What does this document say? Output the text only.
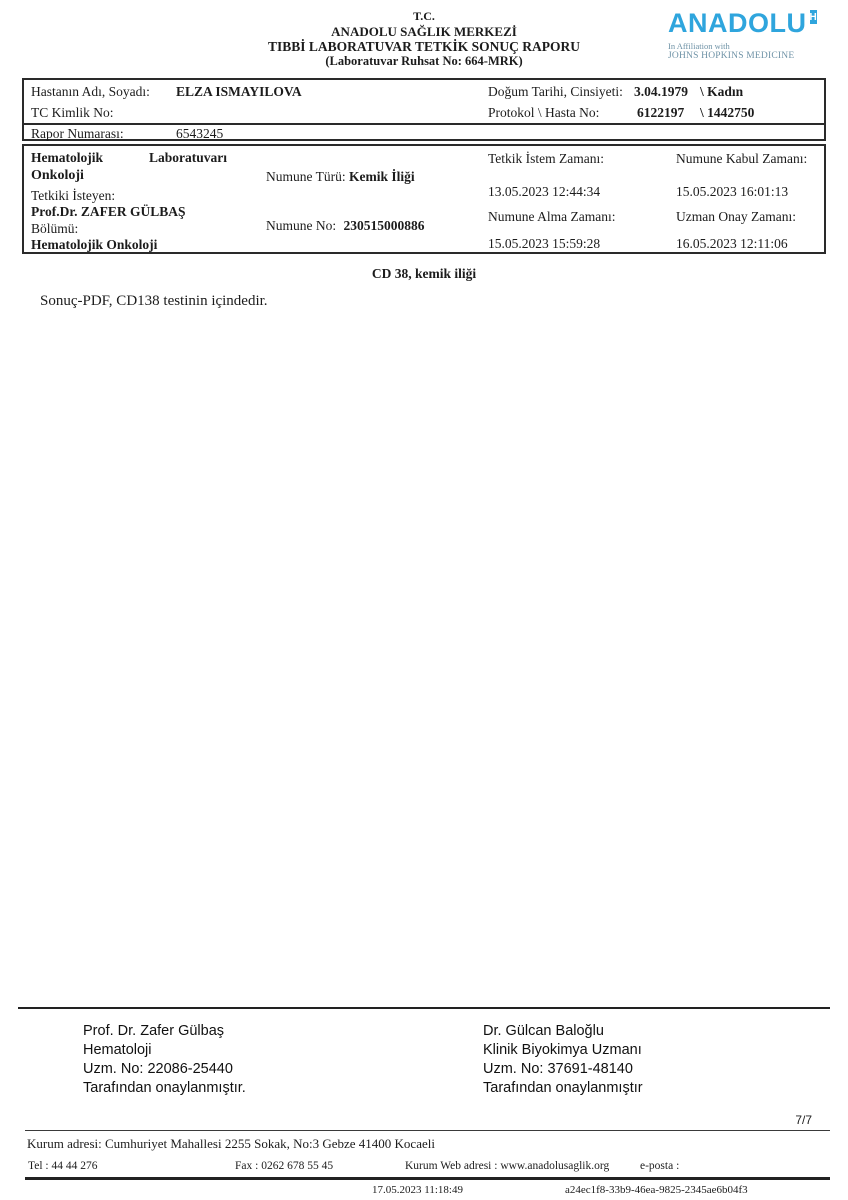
T.C.
ANADOLU SAĞLIK MERKEZİ
TIBBİ LABORATUVAR TETKİK SONUÇ RAPORU
(Laboratuvar Ruhsat No: 664-MRK)
ANADOLU H
In Affiliation with
JOHNS HOPKINS MEDICINE
Hastanın Adı, Soyadı: ELZA ISMAYILOVA	Doğum Tarihi, Cinsiyeti: 3.04.1979 \ Kadın
TC Kimlik No:	Protokol \ Hasta No:	6122197 \ 1442750
Rapor Numarası:	6543245
Hematolojik	Laboratuvarı
Onkoloji	Numune Türü: Kemik İliği
Tetkiki İsteyen:
Prof.Dr. ZAFER GÜLBAŞ
Bölümü:
Hematolojik Onkoloji
Numune No: 230515000886
Tetkik İstem Zamanı:	Numune Kabul Zamanı:
13.05.2023 12:44:34	15.05.2023 16:01:13
Numune Alma Zamanı:	Uzman Onay Zamanı:
15.05.2023 15:59:28	16.05.2023 12:11:06
CD 38, kemik iliği
Sonuç-PDF, CD138 testinin içindedir.
Prof. Dr. Zafer Gülbaş
Hematoloji
Uzm. No: 22086-25440
Tarafından onaylanmıştır.
Dr. Gülcan Baloğlu
Klinik Biyokimya Uzmanı
Uzm. No: 37691-48140
Tarafından onaylanmıştır
7/7
Kurum adresi: Cumhuriyet Mahallesi 2255 Sokak, No:3 Gebze 41400 Kocaeli
Tel : 44 44 276	Fax : 0262 678 55 45	Kurum Web adresi : www.anadolusaglik.org	e-posta :
17.05.2023 11:18:49	a24ec1f8-33b9-46ea-9825-2345ae6b04f3
